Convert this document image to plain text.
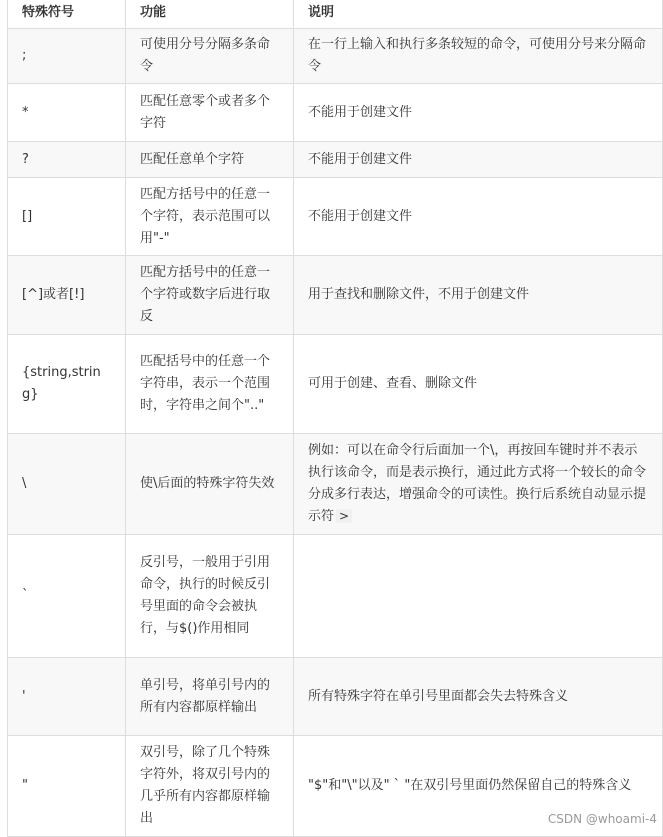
特殊符号	功能	说明
;	可使用分号分隔多条命令	在一行上输入和执行多条较短的命令，可使用分号来分隔命令
*	匹配任意零个或者多个字符	不能用于创建文件
?	匹配任意单个字符	不能用于创建文件
[]	匹配方括号中的任意一个字符，表示范围可以用"-"	不能用于创建文件
[^]或者[!]	匹配方括号中的任意一个字符或数字后进行取反	用于查找和删除文件，不用于创建文件
{string,string}	匹配括号中的任意一个字符串，表示一个范围时，字符串之间个".."	可用于创建、查看、删除文件
\	使\后面的特殊字符失效	例如：可以在命令行后面加一个\，再按回车键时并不表示执行该命令，而是表示换行，通过此方式将一个较长的命令分成多行表达，增强命令的可读性。换行后系统自动显示提示符 >
`	反引号，一般用于引用命令，执行的时候反引号里面的命令会被执行，与$()作用相同	
'	单引号，将单引号内的所有内容都原样输出	所有特殊字符在单引号里面都会失去特殊含义
"	双引号，除了几个特殊字符外，将双引号内的几乎所有内容都原样输出	"$"和"\"以及" ` "在双引号里面仍然保留自己的特殊含义
CSDN @whoami-4
